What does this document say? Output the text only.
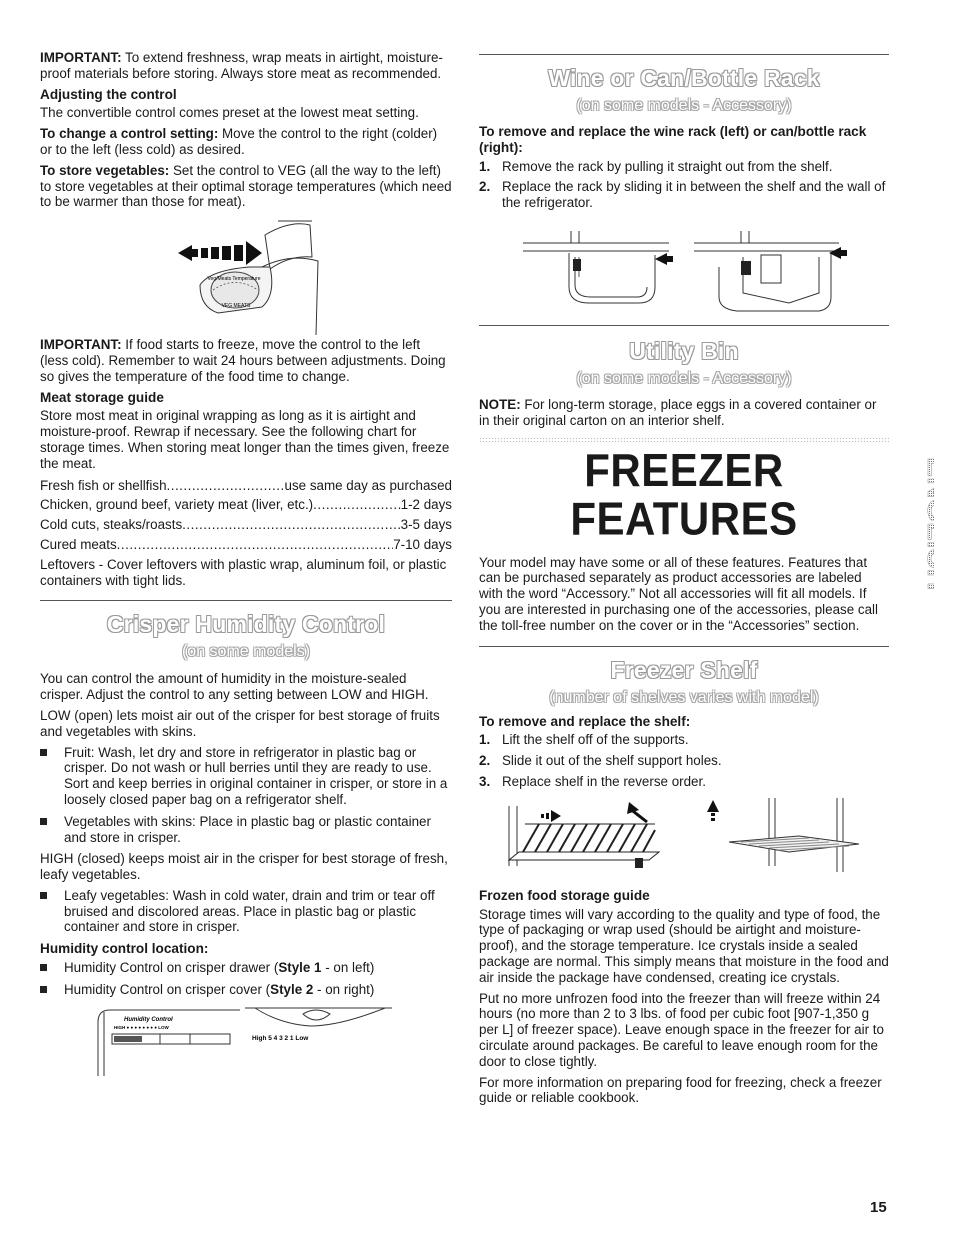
IMPORTANT: To extend freshness, wrap meats in airtight, moisture-proof materials before storing. Always store meat as recommended.

Adjusting the control

The convertible control comes preset at the lowest meat setting.

To change a control setting: Move the control to the right (colder) or to the left (less cold) as desired.

To store vegetables: Set the control to VEG (all the way to the left) to store vegetables at their optimal storage temperatures (which need to be warmer than those for meat).

Veg/Meats Temperature
VEG MEATS

IMPORTANT: If food starts to freeze, move the control to the left (less cold). Remember to wait 24 hours between adjustments. Doing so gives the temperature of the food time to change.

Meat storage guide

Store most meat in original wrapping as long as it is airtight and moisture-proof. Rewrap if necessary. See the following chart for storage times. When storing meat longer than the times given, freeze the meat.

Fresh fish or shellfish .....	use same day as purchased
Chicken, ground beef, variety meat (liver, etc.) .....	1-2 days
Cold cuts, steaks/roasts .....	3-5 days
Cured meats .....	7-10 days

Leftovers - Cover leftovers with plastic wrap, aluminum foil, or plastic containers with tight lids.

Crisper Humidity Control
(on some models)

You can control the amount of humidity in the moisture-sealed crisper. Adjust the control to any setting between LOW and HIGH.

LOW (open) lets moist air out of the crisper for best storage of fruits and vegetables with skins.

Fruit: Wash, let dry and store in refrigerator in plastic bag or crisper. Do not wash or hull berries until they are ready to use. Sort and keep berries in original container in crisper, or store in a loosely closed paper bag on a refrigerator shelf.
Vegetables with skins: Place in plastic bag or plastic container and store in crisper.

HIGH (closed) keeps moist air in the crisper for best storage of fresh, leafy vegetables.

Leafy vegetables: Wash in cold water, drain and trim or tear off bruised and discolored areas. Place in plastic bag or plastic container and store in crisper.
Humidity control location:
Humidity Control on crisper drawer (Style 1 - on left)
Humidity Control on crisper cover (Style 2 - on right)
Humidity Control
HIGH ● ● ● ● ● ● ● ● LOW
High 5 4 3 2 1 Low
Wine or Can/Bottle Rack
(on some models - Accessory)
To remove and replace the wine rack (left) or can/bottle rack (right):
1. Remove the rack by pulling it straight out from the shelf.
2. Replace the rack by sliding it in between the shelf and the wall of the refrigerator.
Utility Bin
(on some models - Accessory)

NOTE: For long-term storage, place eggs in a covered container or in their original carton on an interior shelf.

FREEZER FEATURES

Your model may have some or all of these features. Features that can be purchased separately as product accessories are labeled with the word “Accessory.” Not all accessories will fit all models. If you are interested in purchasing one of the accessories, please call the toll-free number on the cover or in the “Accessories” section.

Freezer Shelf
(number of shelves varies with model)
To remove and replace the shelf:
1. Lift the shelf off of the supports.
2. Slide it out of the shelf support holes.
3. Replace shelf in the reverse order.
Frozen food storage guide

Storage times will vary according to the quality and type of food, the type of packaging or wrap used (should be airtight and moisture-proof), and the storage temperature. Ice crystals inside a sealed package are normal. This simply means that moisture in the food and air inside the package have condensed, creating ice crystals.

Put no more unfrozen food into the freezer than will freeze within 24 hours (no more than 2 to 3 lbs. of food per cubic foot [907-1,350 g per L] of freezer space). Leave enough space in the freezer for air to circulate around packages. Be careful to leave enough room for the door to close tightly.

For more information on preparing food for freezing, check a freezer guide or reliable cookbook.

ENGLISH
15
